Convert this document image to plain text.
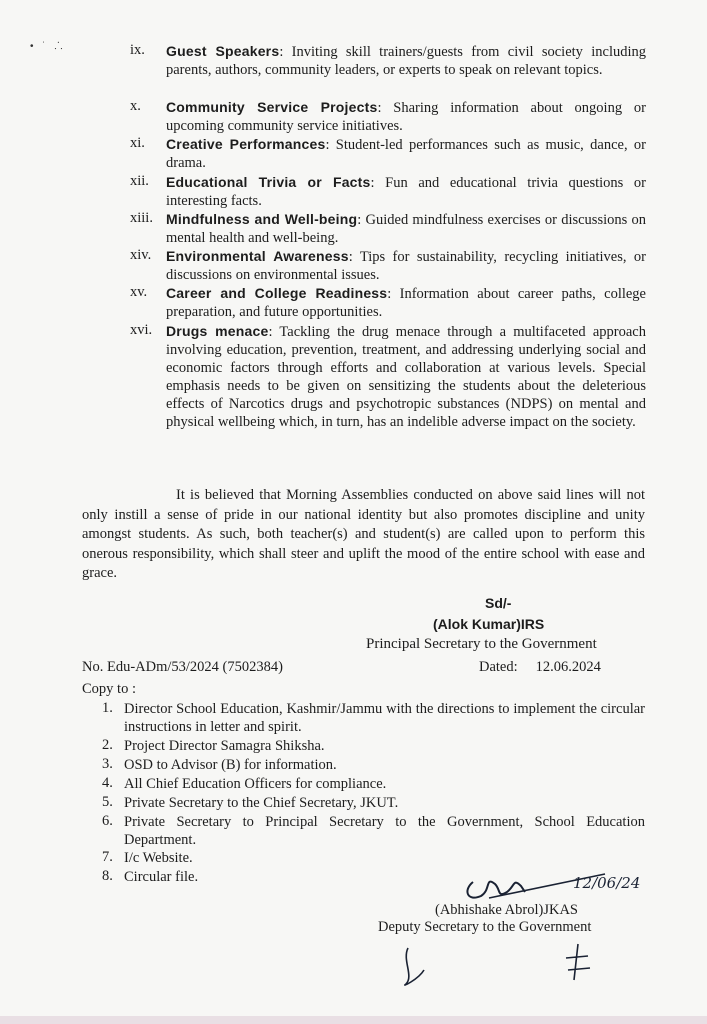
• ˙ ⸫	ix. Guest Speakers: Inviting skill trainers/guests from civil society including parents, authors, community leaders, or experts to speak on relevant topics.
x. Community Service Projects: Sharing information about ongoing or upcoming community service initiatives.
xi. Creative Performances: Student-led performances such as music, dance, or drama.
xii. Educational Trivia or Facts: Fun and educational trivia questions or interesting facts.
xiii. Mindfulness and Well-being: Guided mindfulness exercises or discussions on mental health and well-being.
xiv. Environmental Awareness: Tips for sustainability, recycling initiatives, or discussions on environmental issues.
xv. Career and College Readiness: Information about career paths, college preparation, and future opportunities.
xvi. Drugs menace: Tackling the drug menace through a multifaceted approach involving education, prevention, treatment, and addressing underlying social and economic factors through efforts and collaboration at various levels. Special emphasis needs to be given on sensitizing the students about the deleterious effects of Narcotics drugs and psychotropic substances (NDPS) on mental and physical wellbeing which, in turn, has an indelible adverse impact on the society.
It is believed that Morning Assemblies conducted on above said lines will not only instill a sense of pride in our national identity but also promotes discipline and unity amongst students. As such, both teacher(s) and student(s) are called upon to perform this onerous responsibility, which shall steer and uplift the mood of the entire school with ease and grace.
Sd/-
(Alok Kumar)IRS
Principal Secretary to the Government
No. Edu-ADm/53/2024 (7502384)	Dated: 12.06.2024
Copy to :
1. Director School Education, Kashmir/Jammu with the directions to implement the circular instructions in letter and spirit.
2. Project Director Samagra Shiksha.
3. OSD to Advisor (B) for information.
4. All Chief Education Officers for compliance.
5. Private Secretary to the Chief Secretary, JKUT.
6. Private Secretary to Principal Secretary to the Government, School Education Department.
7. I/c Website.
8. Circular file.	12/06/24
(Abhishake Abrol)JKAS
Deputy Secretary to the Government
